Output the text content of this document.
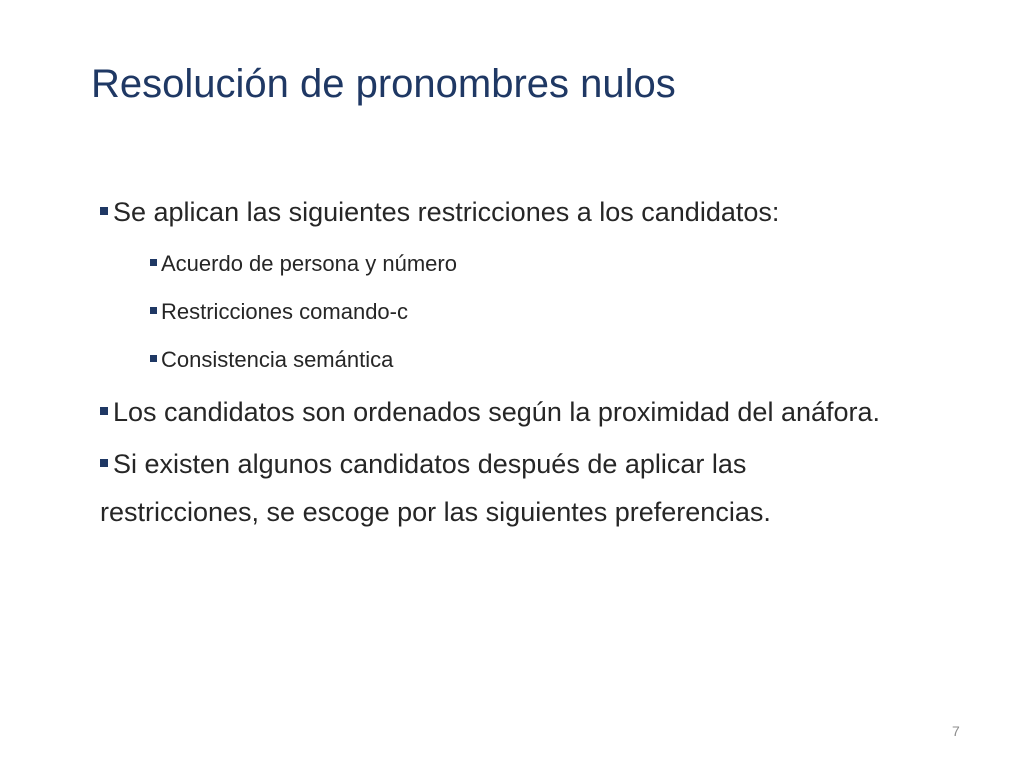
Resolución de pronombres nulos
Se aplican las siguientes restricciones a los candidatos:
Acuerdo de persona y número
Restricciones comando-c
Consistencia semántica
Los candidatos son ordenados según la proximidad del anáfora.
Si existen algunos candidatos después de aplicar las restricciones, se escoge por las siguientes preferencias.
7
